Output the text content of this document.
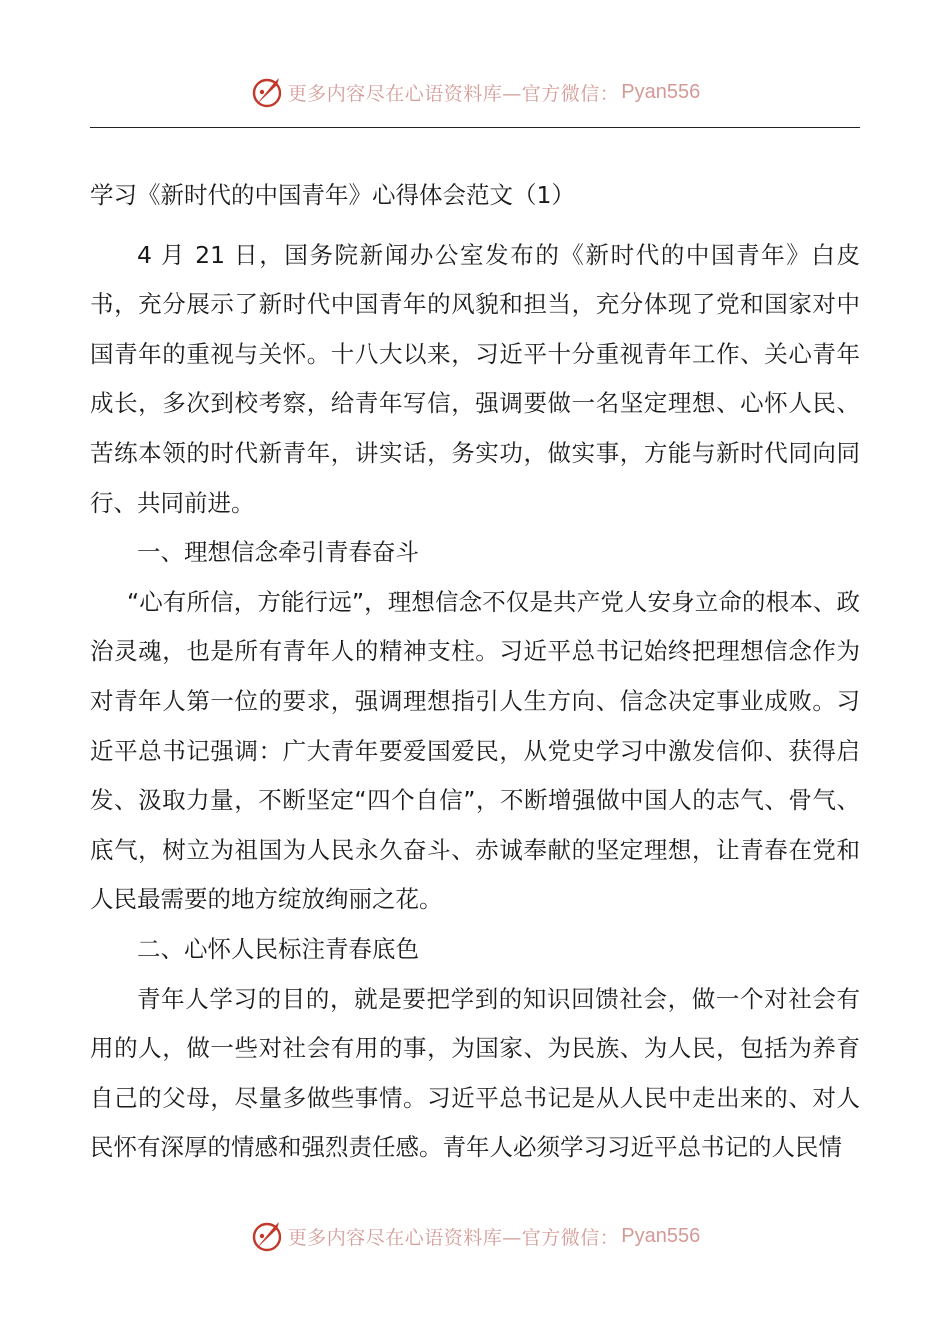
更多内容尽在心语资料库—官方微信： Pyan556
学习《新时代的中国青年》心得体会范文（1）

4 月 21 日，国务院新闻办公室发布的《新时代的中国青年》白皮书，充分展示了新时代中国青年的风貌和担当，充分体现了党和国家对中国青年的重视与关怀。十八大以来，习近平十分重视青年工作、关心青年成长，多次到校考察，给青年写信，强调要做一名坚定理想、心怀人民、苦练本领的时代新青年，讲实话，务实功，做实事，方能与新时代同向同行、共同前进。

一、理想信念牵引青春奋斗

“心有所信，方能行远”，理想信念不仅是共产党人安身立命的根本、政治灵魂，也是所有青年人的精神支柱。习近平总书记始终把理想信念作为对青年人第一位的要求，强调理想指引人生方向、信念决定事业成败。习近平总书记强调：广大青年要爱国爱民，从党史学习中激发信仰、获得启发、汲取力量，不断坚定“四个自信”，不断增强做中国人的志气、骨气、底气，树立为祖国为人民永久奋斗、赤诚奉献的坚定理想，让青春在党和人民最需要的地方绽放绚丽之花。

二、心怀人民标注青春底色

青年人学习的目的，就是要把学到的知识回馈社会，做一个对社会有用的人，做一些对社会有用的事，为国家、为民族、为人民，包括为养育自己的父母，尽量多做些事情。习近平总书记是从人民中走出来的、对人民怀有深厚的情感和强烈责任感。青年人必须学习习近平总书记的人民情

更多内容尽在心语资料库—官方微信： Pyan556
